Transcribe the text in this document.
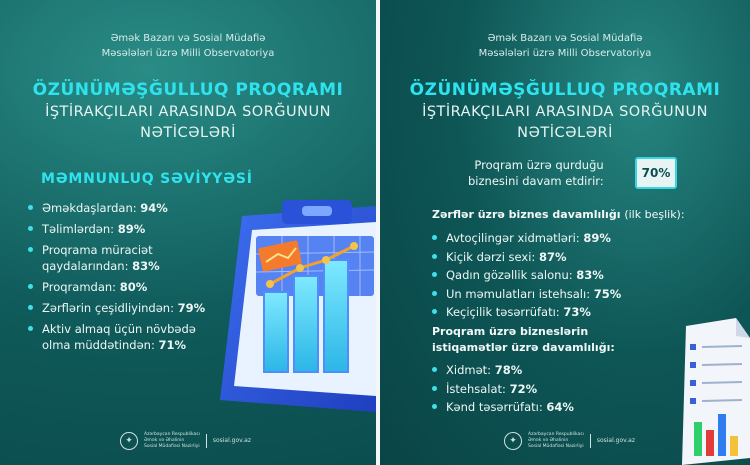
Əmək Bazarı və Sosial Müdafiə
Məsələləri üzrə Milli Observatoriya
ÖZÜNÜMƏŞĞULLUQ PROQRAMI
İŞTİRAKÇILARI ARASINDA SORĞUNUN
NƏTİCƏLƏRİ
MƏMNUNLUQ SƏVİYYƏSİ
Əməkdaşlardan: 94%
Təlimlərdən: 89%
Proqrama müraciət
qaydalarından: 83%
Proqramdan: 80%
Zərflərin çeşidliyindən: 79%
Aktiv almaq üçün növbədə
olma müddətindən: 71%
✦
Azərbaycan Respublikası
Əmək və Əhalinin
Sosial Müdafiəsi Nazirliyi
sosial.gov.az
Əmək Bazarı və Sosial Müdafiə
Məsələləri üzrə Milli Observatoriya
ÖZÜNÜMƏŞĞULLUQ PROQRAMI
İŞTİRAKÇILARI ARASINDA SORĞUNUN
NƏTİCƏLƏRİ
Proqram üzrə qurduğu
biznesini davam etdirir:
70%
Zərflər üzrə biznes davamlılığı (ilk beşlik):
Avtoçilingər xidmətləri: 89%
Kiçik dərzi sexi: 87%
Qadın gözəllik salonu: 83%
Un məmulatları istehsalı: 75%
Keçiçilik təsərrüfatı: 73%
Proqram üzrə bizneslərin
istiqamətlər üzrə davamlılığı:
Xidmət: 78%
İstehsalat: 72%
Kənd təsərrüfatı: 64%
✦
Azərbaycan Respublikası
Əmək və Əhalinin
Sosial Müdafiəsi Nazirliyi
sosial.gov.az
